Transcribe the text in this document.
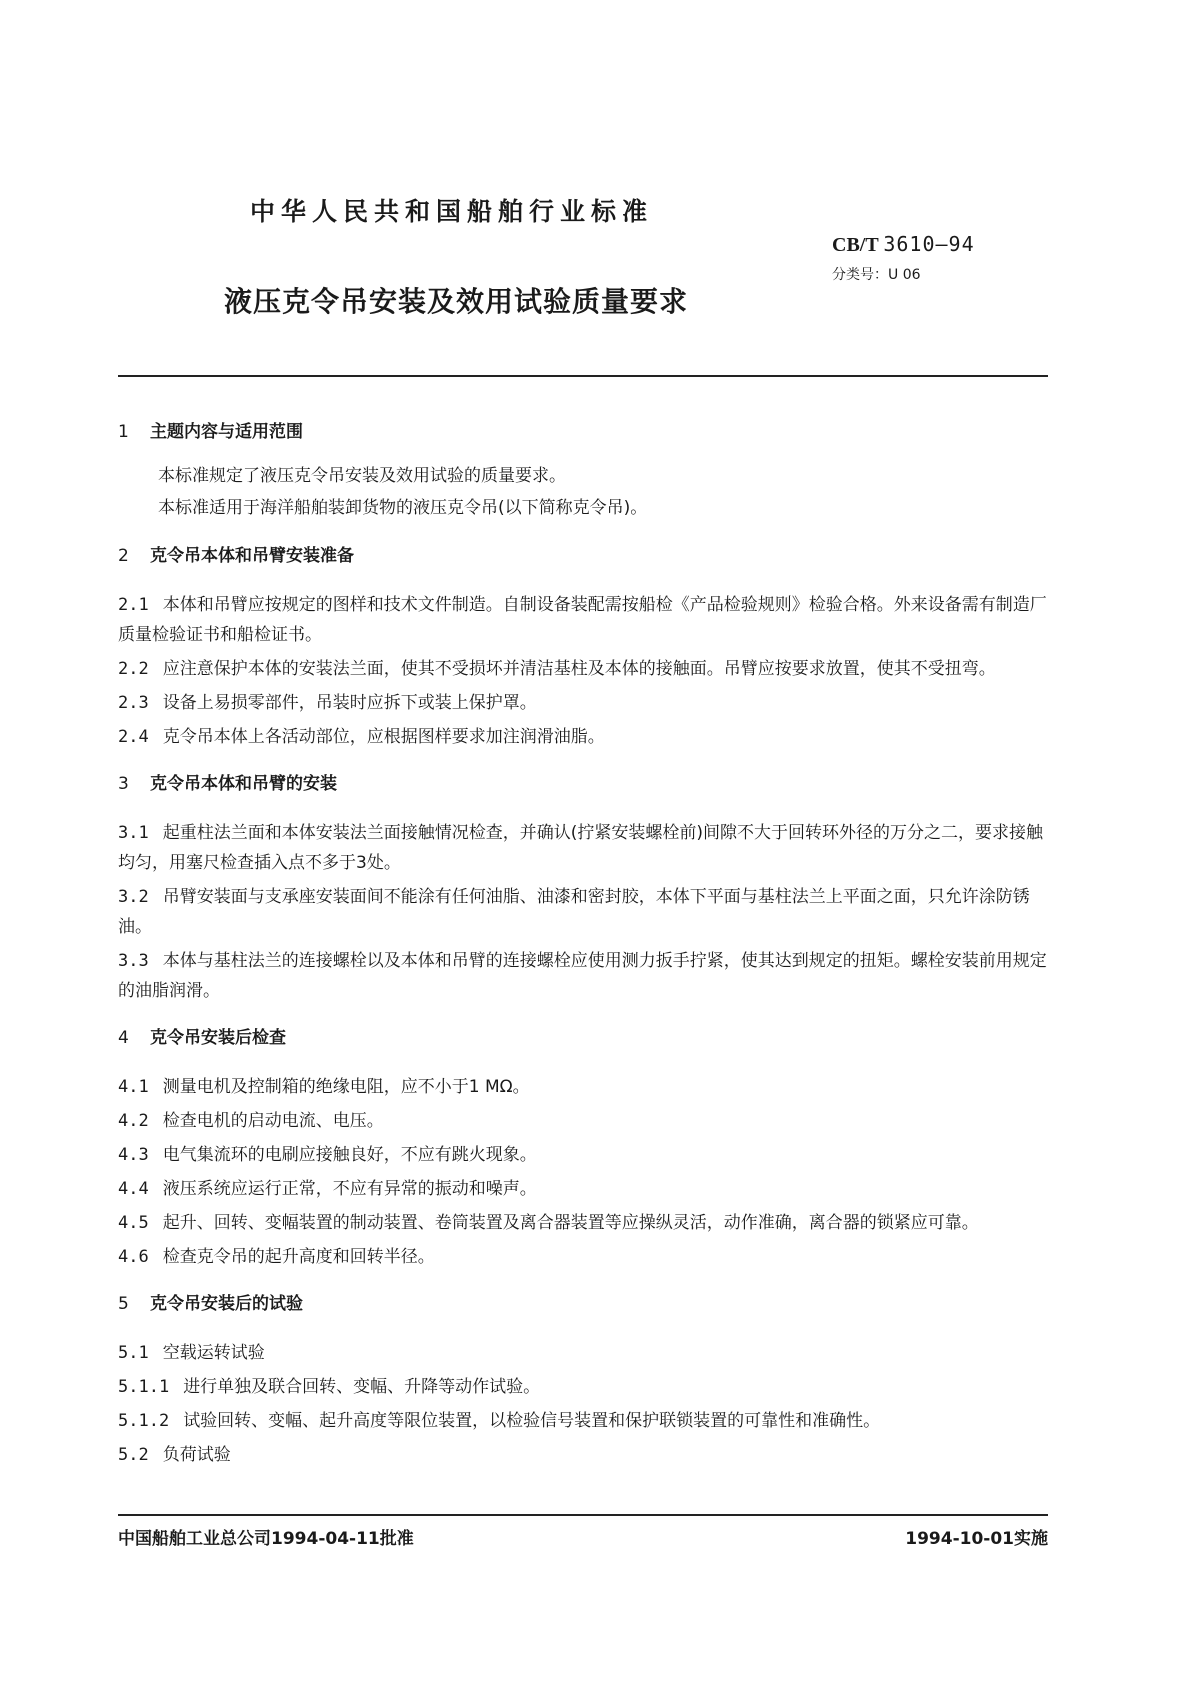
中华人民共和国船舶行业标准
CB/T 3610—94
分类号：U 06
液压克令吊安装及效用试验质量要求
1 主题内容与适用范围

本标准规定了液压克令吊安装及效用试验的质量要求。

本标准适用于海洋船舶装卸货物的液压克令吊(以下简称克令吊)。

2 克令吊本体和吊臂安装准备

2.1 本体和吊臂应按规定的图样和技术文件制造。自制设备装配需按船检《产品检验规则》检验合格。外来设备需有制造厂质量检验证书和船检证书。

2.2 应注意保护本体的安装法兰面，使其不受损坏并清洁基柱及本体的接触面。吊臂应按要求放置，使其不受扭弯。

2.3 设备上易损零部件，吊装时应拆下或装上保护罩。

2.4 克令吊本体上各活动部位，应根据图样要求加注润滑油脂。

3 克令吊本体和吊臂的安装

3.1 起重柱法兰面和本体安装法兰面接触情况检查，并确认(拧紧安装螺栓前)间隙不大于回转环外径的万分之二，要求接触均匀，用塞尺检查插入点不多于3处。

3.2 吊臂安装面与支承座安装面间不能涂有任何油脂、油漆和密封胶，本体下平面与基柱法兰上平面之面，只允许涂防锈油。

3.3 本体与基柱法兰的连接螺栓以及本体和吊臂的连接螺栓应使用测力扳手拧紧，使其达到规定的扭矩。螺栓安装前用规定的油脂润滑。

4 克令吊安装后检查

4.1 测量电机及控制箱的绝缘电阻，应不小于1 MΩ。

4.2 检查电机的启动电流、电压。

4.3 电气集流环的电刷应接触良好，不应有跳火现象。

4.4 液压系统应运行正常，不应有异常的振动和噪声。

4.5 起升、回转、变幅装置的制动装置、卷筒装置及离合器装置等应操纵灵活，动作准确，离合器的锁紧应可靠。

4.6 检查克令吊的起升高度和回转半径。

5 克令吊安装后的试验

5.1 空载运转试验

5.1.1 进行单独及联合回转、变幅、升降等动作试验。

5.1.2 试验回转、变幅、起升高度等限位装置，以检验信号装置和保护联锁装置的可靠性和准确性。

5.2 负荷试验

中国船舶工业总公司1994-04-11批准	1994-10-01实施
